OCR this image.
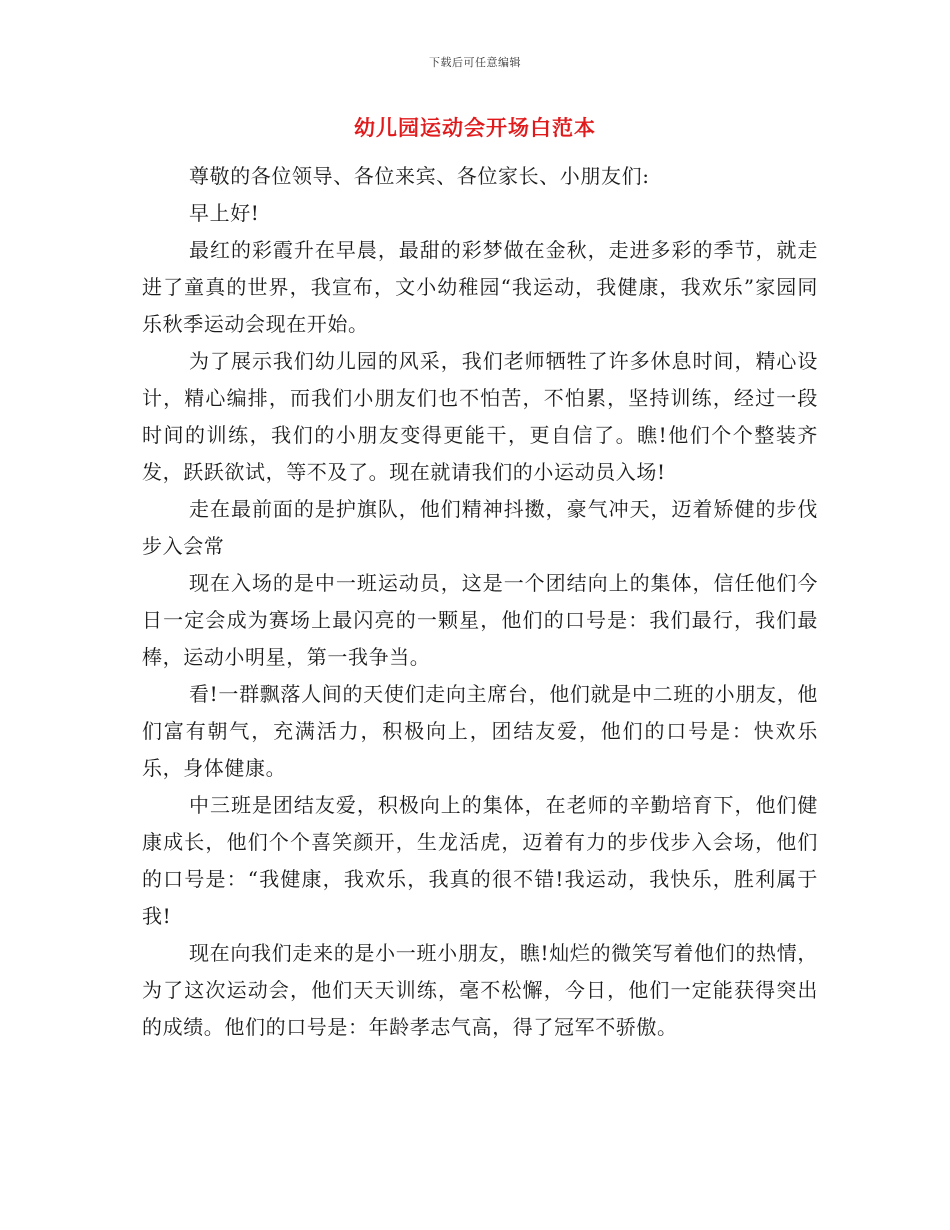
下载后可任意编辑
幼儿园运动会开场白范本

尊敬的各位领导、各位来宾、各位家长、小朋友们:

早上好!

最红的彩霞升在早晨，最甜的彩梦做在金秋，走进多彩的季节，就走进了童真的世界，我宣布，文小幼稚园“我运动，我健康，我欢乐”家园同乐秋季运动会现在开始。

为了展示我们幼儿园的风采，我们老师牺牲了许多休息时间，精心设计，精心编排，而我们小朋友们也不怕苦，不怕累，坚持训练，经过一段时间的训练，我们的小朋友变得更能干，更自信了。瞧!他们个个整装齐发，跃跃欲试，等不及了。现在就请我们的小运动员入场!

走在最前面的是护旗队，他们精神抖擞，豪气冲天，迈着矫健的步伐步入会常

现在入场的是中一班运动员，这是一个团结向上的集体，信任他们今日一定会成为赛场上最闪亮的一颗星，他们的口号是：我们最行，我们最棒，运动小明星，第一我争当。

看!一群飘落人间的天使们走向主席台，他们就是中二班的小朋友，他们富有朝气，充满活力，积极向上，团结友爱，他们的口号是：快欢乐乐，身体健康。

中三班是团结友爱，积极向上的集体，在老师的辛勤培育下，他们健康成长，他们个个喜笑颜开，生龙活虎，迈着有力的步伐步入会场，他们的口号是：“我健康，我欢乐，我真的很不错!我运动，我快乐，胜利属于我!

现在向我们走来的是小一班小朋友，瞧!灿烂的微笑写着他们的热情，为了这次运动会，他们天天训练，毫不松懈，今日，他们一定能获得突出的成绩。他们的口号是：年龄孝志气高，得了冠军不骄傲。
